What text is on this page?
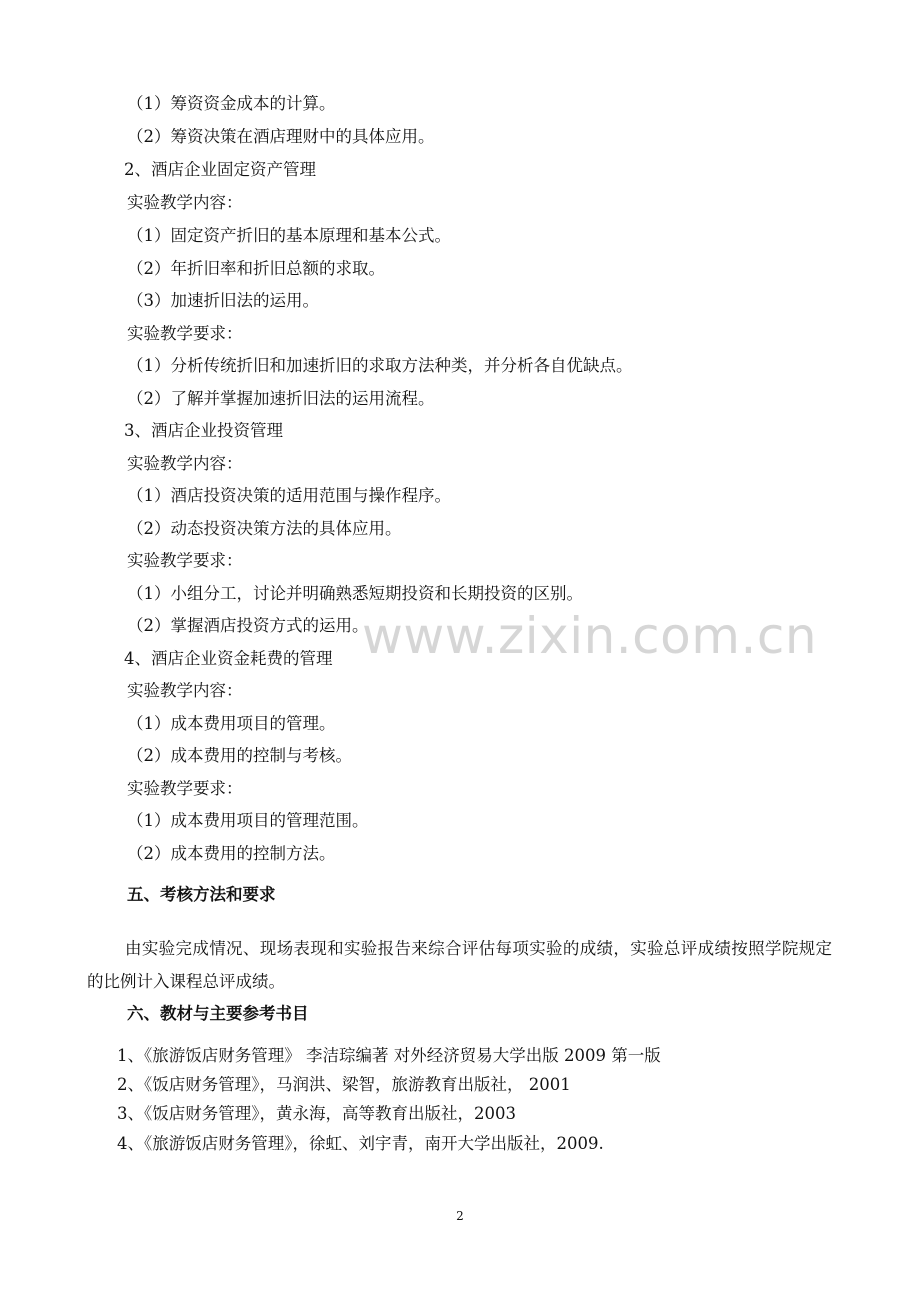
（1）筹资资金成本的计算。
（2）筹资决策在酒店理财中的具体应用。
2、酒店企业固定资产管理
实验教学内容：
（1）固定资产折旧的基本原理和基本公式。
（2）年折旧率和折旧总额的求取。
（3）加速折旧法的运用。
实验教学要求：
（1）分析传统折旧和加速折旧的求取方法种类，并分析各自优缺点。
（2）了解并掌握加速折旧法的运用流程。
3、酒店企业投资管理
实验教学内容：
（1）酒店投资决策的适用范围与操作程序。
（2）动态投资决策方法的具体应用。
实验教学要求：
（1）小组分工，讨论并明确熟悉短期投资和长期投资的区别。
（2）掌握酒店投资方式的运用。
4、酒店企业资金耗费的管理
实验教学内容：
（1）成本费用项目的管理。
（2）成本费用的控制与考核。
实验教学要求：
（1）成本费用项目的管理范围。
（2）成本费用的控制方法。
五、考核方法和要求
由实验完成情况、现场表现和实验报告来综合评估每项实验的成绩，实验总评成绩按照学院规定的比例计入课程总评成绩。
六、教材与主要参考书目
1、《旅游饭店财务管理》 李洁琮编著 对外经济贸易大学出版 2009 第一版
2、《饭店财务管理》，马润洪、梁智，旅游教育出版社， 2001
3、《饭店财务管理》，黄永海，高等教育出版社，2003
4、《旅游饭店财务管理》，徐虹、刘宇青，南开大学出版社，2009.
www.zixin.com.cn
2
